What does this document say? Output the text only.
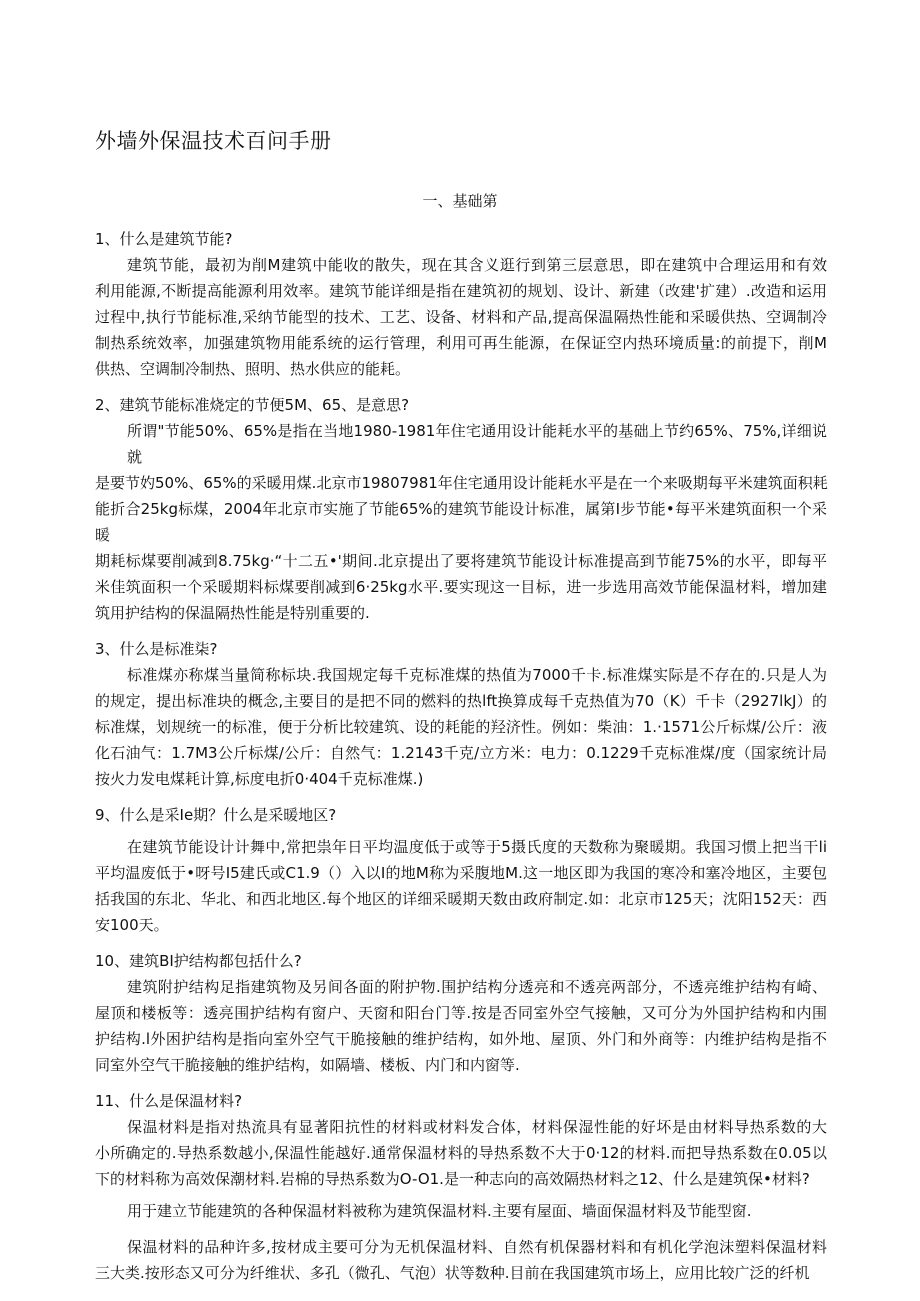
外墙外保温技术百问手册
一、基础第
1、什么是建筑节能?
建筑节能，最初为削M建筑中能收的散失，现在其含义逛行到第三层意思，即在建筑中合理运用和有效
利用能源,不断提高能源利用效率。建筑节能详细是指在建筑初的规划、设计、新建（改建'扩建）.改造和运用
过程中,执行节能标准,采纳节能型的技术、工艺、设备、材料和产品,提高保温隔热性能和采暖供热、空调制冷
制热系统效率，加强建筑物用能系统的运行管理，利用可再生能源，在保证空内热环境质量:的前提下，削M
供热、空调制冷制热、照明、热水供应的能耗。
2、建筑节能标准烧定的节便5M、65、是意思?
所谓"节能50%、65%是指在当地1980-1981年住宅通用设计能耗水平的基础上节约65%、75%,详细说就
是要节妁50%、65%的采暖用煤.北京市19807981年住宅通用设计能耗水平是在一个来吸期每平米建筑面积耗
能折合25kg标煤，2004年北京市实施了节能65%的建筑节能设计标准，属第I步节能•每平米建筑面积一个采暖
期耗标煤要削减到8.75kg·“十二五•'期间.北京提出了要将建筑节能设计标准提高到节能75%的水平，即每平
米佳筑面积一个采暖期料标煤要削减到6·25kg水平.要实现这一目标，进一步选用高效节能保温材料，增加建
筑用护结构的保温隔热性能是特别重要的.
3、什么是标准柒?
标准煤亦称煤当量简称标块.我国规定每千克标准煤的热值为7000千卡.标准煤实际是不存在的.只是人为
的规定，提出标准块的概念,主要目的是把不同的燃料的热lft换算成每千克热值为70（K）千卡（2927lkJ）的
标准煤，划规统一的标准，便于分析比较建筑、设的耗能的羟济性。例如：柴油：1.·1571公斤标煤/公斤：液
化石油气：1.7M3公斤标煤/公斤：自然气：1.2143千克/立方米：电力：0.1229千克标准煤/度（国家统计局
按火力发电煤耗计算,标度电折0·404千克标准煤.)
9、什么是采Ie期？什么是采暖地区?
在建筑节能设计计舞中,常把祟年日平均温度低于或等于5摄氏度的天数称为聚暖期。我国习惯上把当干li
平均温废低于•呀号I5建氏或C1.9（）入以I的地M称为采腹地M.这一地区即为我国的寒冷和塞冷地区，主要包
括我国的东北、华北、和西北地区.每个地区的详细采暖期天数由政府制定.如：北京市125天；沈阳152天：西
安100天。
10、建筑BI护结构都包括什么?
建筑附护结构足指建筑物及另间各面的附护物.围护结构分透亮和不透亮两部分，不透亮维护结构有崎、
屋顶和楼板等：透亮围护结构有窗户、天窗和阳台门等.按是否同室外空气接触，又可分为外国护结构和内围
护结构.l外困护结构是指向室外空气干脆接触的维护结构，如外地、屋顶、外门和外商等：内维护结构是指不
同室外空气干脆接触的维护结构，如隔墙、楼板、内门和内窗等.
11、什么是保温材料?
保温材料是指对热流具有显著阳抗性的材料或材料发合体，材料保湿性能的好坏是由材料导热系数的大
小所确定的.导热系数越小,保温性能越好.通常保温材料的导热系数不大于0·12的材料.而把导热系数在0.05以
下的材料称为高效保潮材料.岩棉的导热系数为O-O1.是一种志向的高效隔热材料之12、什么是建筑保•材料?
用于建立节能建筑的各种保温材料被称为建筑保温材料.主要有屋面、墙面保温材料及节能型窗.
保温材料的品种许多,按材成主要可分为无机保温材料、自然有机保器材料和有机化学泡沫塑料保温材料
三大类.按形态又可分为纤维状、多孔（微孔、气泡）状等数种.目前在我国建筑市场上，应用比较广泛的纤机
